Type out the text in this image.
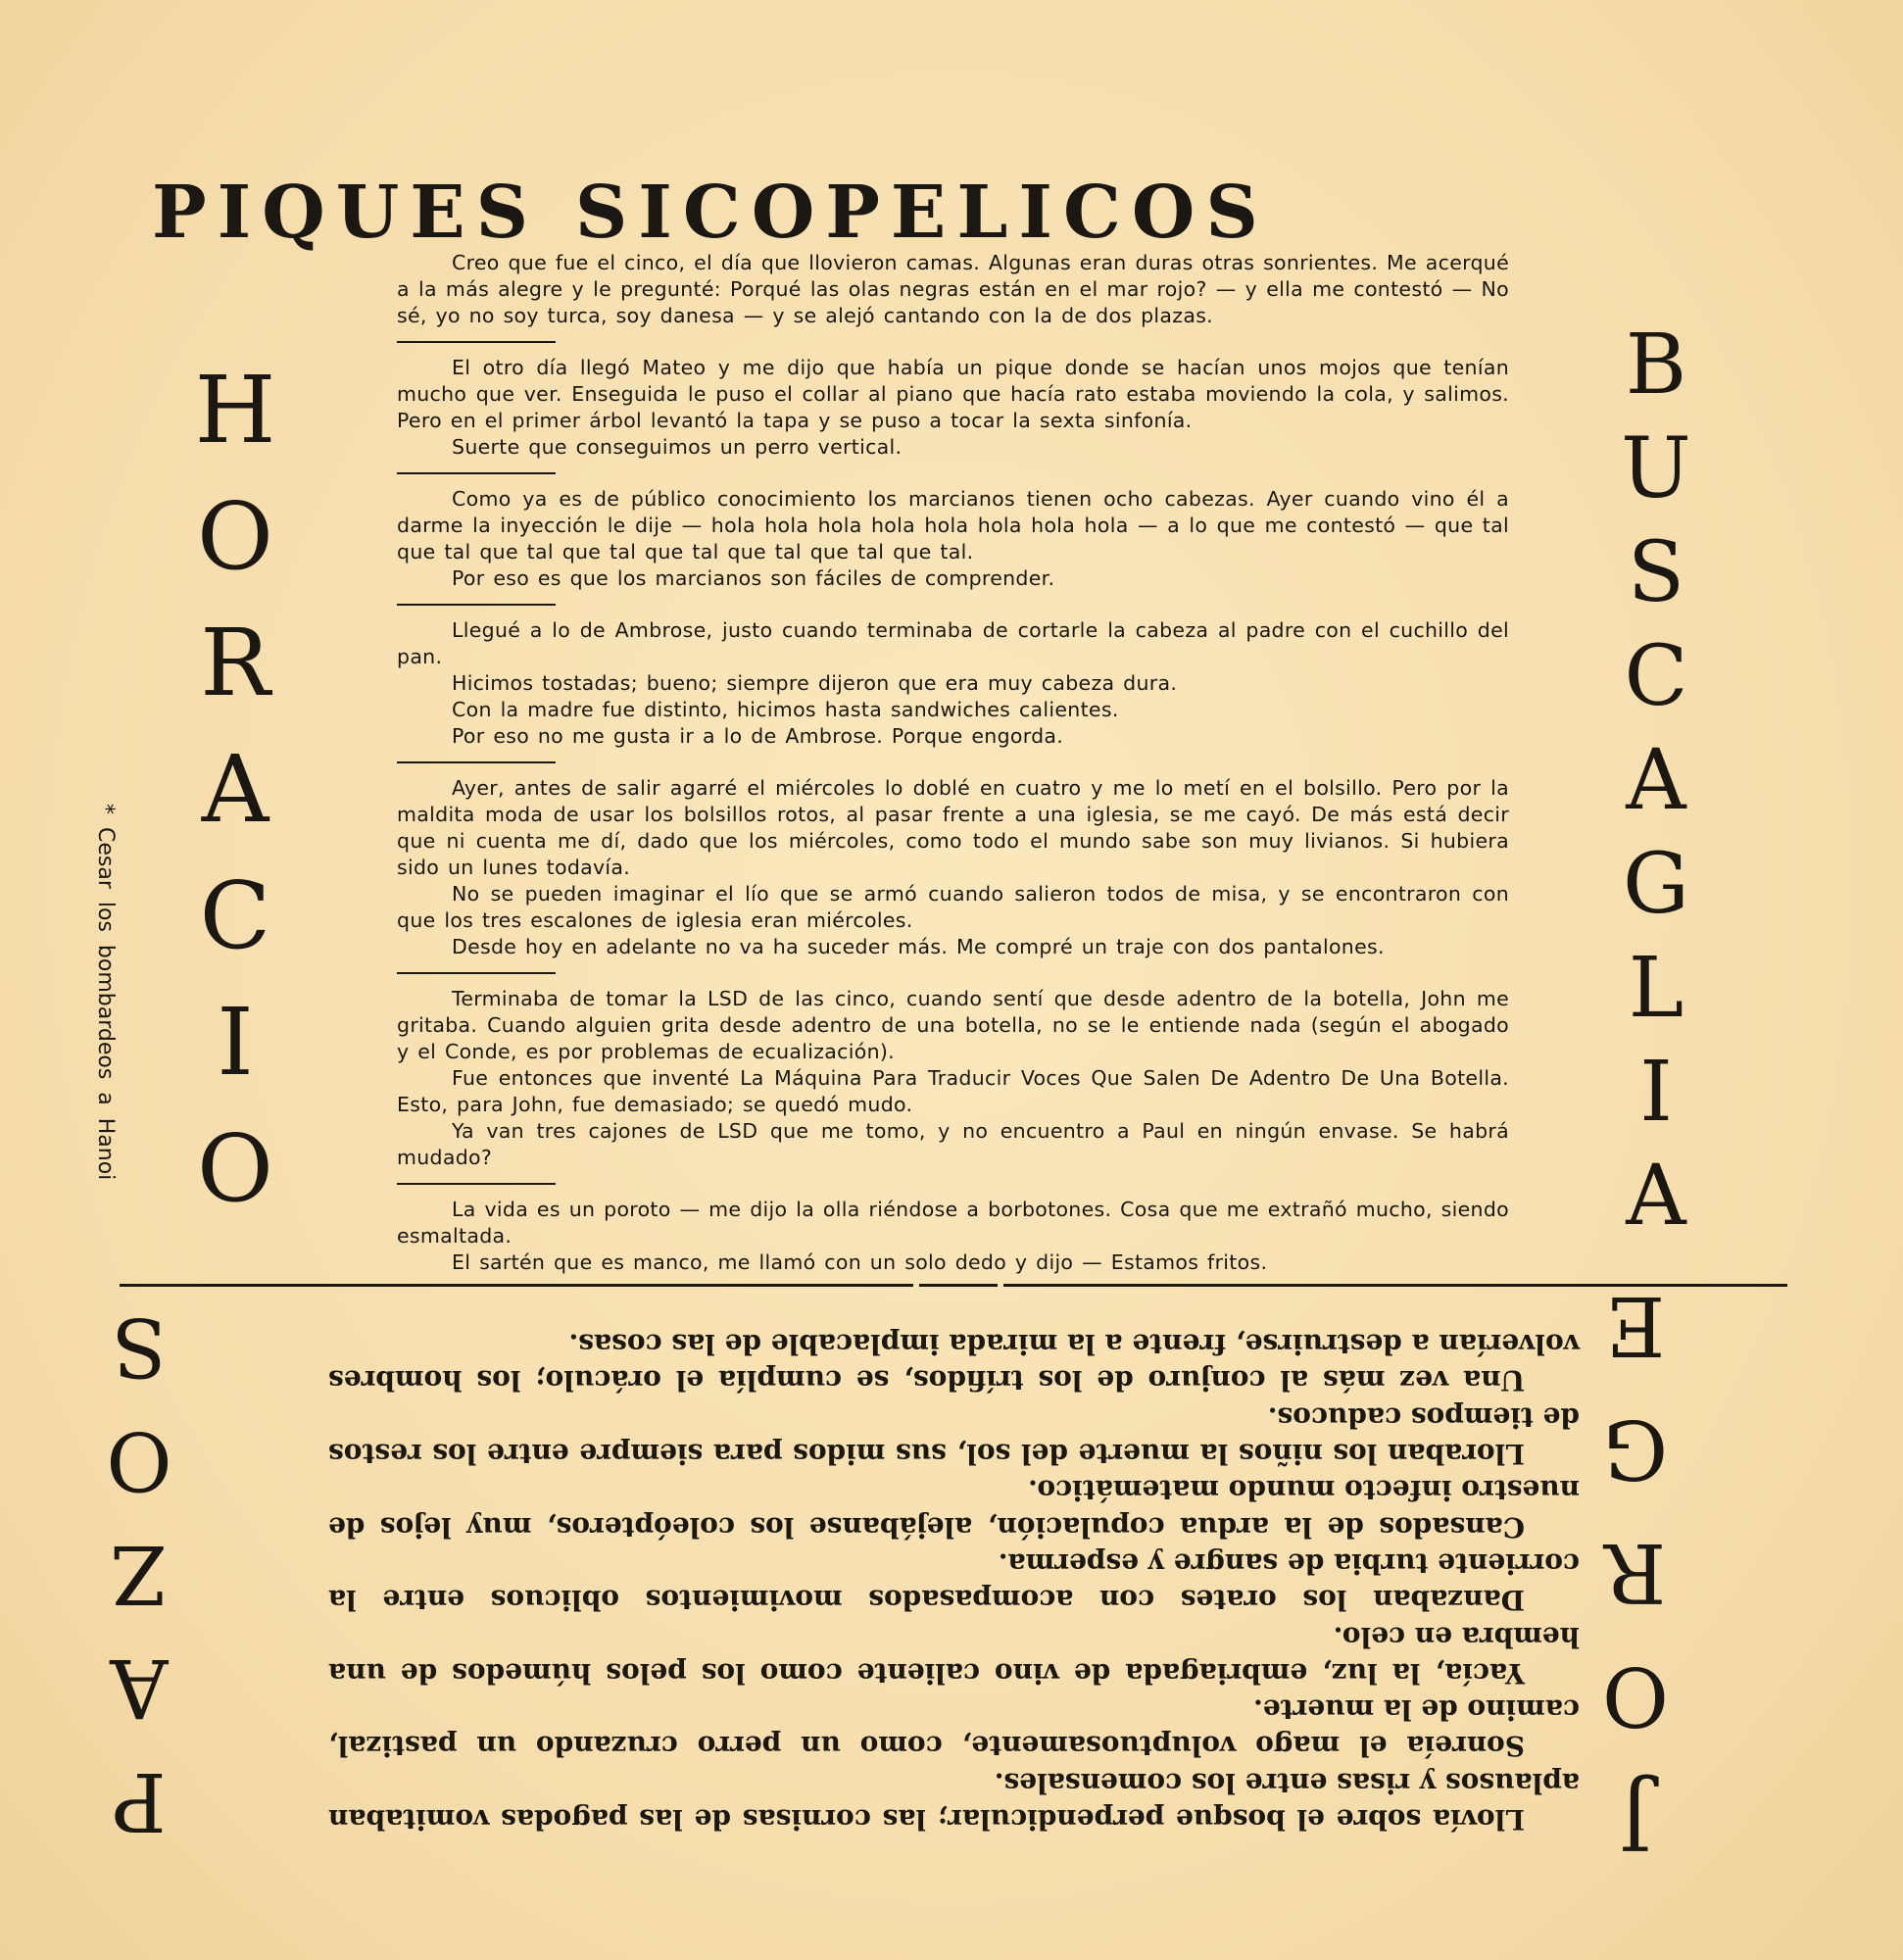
PIQUES SICOPELICOS
H
O
R
A
C
I
O
B
U
S
C
A
G
L
I
A
* Cesar los bombardeos a Hanoi

Creo que fue el cinco, el día que llovieron camas. Algunas eran duras otras sonrientes. Me acerqué a la más alegre y le pregunté: Porqué las olas negras están en el mar rojo? — y ella me contestó — No sé, yo no soy turca, soy danesa — y se alejó cantando con la de dos plazas.

El otro día llegó Mateo y me dijo que había un pique donde se hacían unos mojos que tenían mucho que ver. Enseguida le puso el collar al piano que hacía rato estaba moviendo la cola, y salimos. Pero en el primer árbol levantó la tapa y se puso a tocar la sexta sinfonía.

Suerte que conseguimos un perro vertical.

Como ya es de público conocimiento los marcianos tienen ocho cabezas. Ayer cuando vino él a darme la inyección le dije — hola hola hola hola hola hola hola hola — a lo que me contestó — que tal que tal que tal que tal que tal que tal que tal que tal.

Por eso es que los marcianos son fáciles de comprender.

Llegué a lo de Ambrose, justo cuando terminaba de cortarle la cabeza al padre con el cuchillo del pan.

Hicimos tostadas; bueno; siempre dijeron que era muy cabeza dura.

Con la madre fue distinto, hicimos hasta sandwiches calientes.

Por eso no me gusta ir a lo de Ambrose. Porque engorda.

Ayer, antes de salir agarré el miércoles lo doblé en cuatro y me lo metí en el bolsillo. Pero por la maldita moda de usar los bolsillos rotos, al pasar frente a una iglesia, se me cayó. De más está decir que ni cuenta me dí, dado que los miércoles, como todo el mundo sabe son muy livianos. Si hubiera sido un lunes todavía.

No se pueden imaginar el lío que se armó cuando salieron todos de misa, y se encontraron con que los tres escalones de iglesia eran miércoles.

Desde hoy en adelante no va ha suceder más. Me compré un traje con dos pantalones.

Terminaba de tomar la LSD de las cinco, cuando sentí que desde adentro de la botella, John me gritaba. Cuando alguien grita desde adentro de una botella, no se le entiende nada (según el abogado y el Conde, es por problemas de ecualización).

Fue entonces que inventé La Máquina Para Traducir Voces Que Salen De Adentro De Una Botella. Esto, para John, fue demasiado; se quedó mudo.

Ya van tres cajones de LSD que me tomo, y no encuentro a Paul en ningún envase. Se habrá mudado?

La vida es un poroto — me dijo la olla riéndose a borbotones. Cosa que me extrañó mucho, siendo esmaltada.

El sartén que es manco, me llamó con un solo dedo y dijo — Estamos fritos.

J
O
R
G
E

Llovía sobre el bosque perpendicular; las cornisas de las pagodas vomitaban aplausos y risas entre los comensales.

Sonreía el mago voluptuosamente, como un perro cruzando un pastizal, camino de la muerte.

Yacía, la luz, embriagada de vino caliente como los pelos húmedos de una hembra en celo.

Danzaban los orates con acompasados movimientos oblicuos entre la corriente turbia de sangre y esperma.

Cansados de la ardua copulación, alejábanse los coleópteros, muy lejos de nuestro infecto mundo matemático.

Lloraban los niños la muerte del sol, sus midos para siempre entre los restos de tiempos caducos.

Una vez más al conjuro de los trífidos, se cumplía el oráculo; los hombres volverían a destruirse, frente a la mirada implacable de las cosas.

P
A
Z
O
S
